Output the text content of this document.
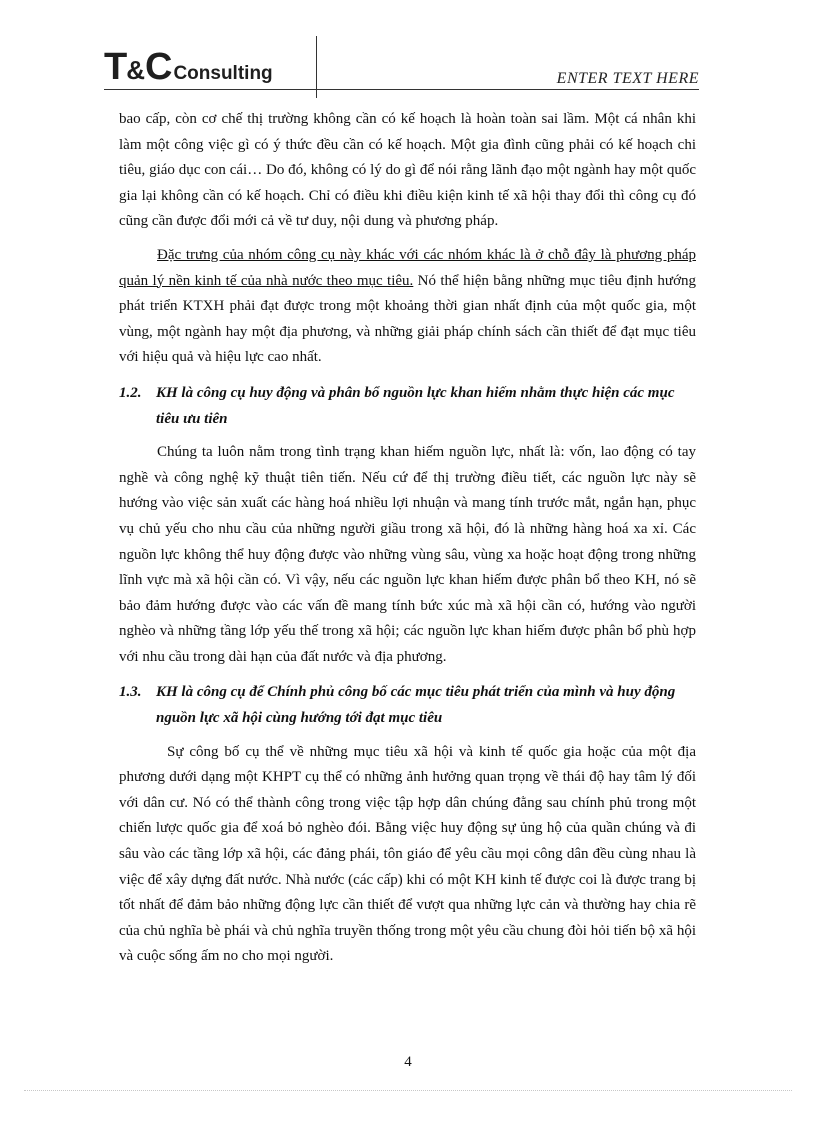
T&C Consulting	ENTER TEXT HERE

bao cấp, còn cơ chế thị trường không cần có kế hoạch là hoàn toàn sai lầm. Một cá nhân khi làm một công việc gì có ý thức đều cần có kế hoạch. Một gia đình cũng phải có kế hoạch chi tiêu, giáo dục con cái… Do đó, không có lý do gì để nói rằng lãnh đạo một ngành hay một quốc gia lại không cần có kế hoạch. Chỉ có điều khi điều kiện kinh tế xã hội thay đổi thì công cụ đó cũng cần được đổi mới cả về tư duy, nội dung và phương pháp.

Đặc trưng của nhóm công cụ này khác với các nhóm khác là ở chỗ đây là phương pháp quản lý nền kinh tế của nhà nước theo mục tiêu. Nó thể hiện bằng những mục tiêu định hướng phát triển KTXH phải đạt được trong một khoảng thời gian nhất định của một quốc gia, một vùng, một ngành hay một địa phương, và những giải pháp chính sách cần thiết để đạt mục tiêu với hiệu quả và hiệu lực cao nhất.

1.2. KH là công cụ huy động và phân bổ nguồn lực khan hiếm nhằm thực hiện các mục tiêu ưu tiên

Chúng ta luôn nằm trong tình trạng khan hiếm nguồn lực, nhất là: vốn, lao động có tay nghề và công nghệ kỹ thuật tiên tiến. Nếu cứ để thị trường điều tiết, các nguồn lực này sẽ hướng vào việc sản xuất các hàng hoá nhiều lợi nhuận và mang tính trước mắt, ngắn hạn, phục vụ chủ yếu cho nhu cầu của những người giầu trong xã hội, đó là những hàng hoá xa xỉ. Các nguồn lực không thể huy động được vào những vùng sâu, vùng xa hoặc hoạt động trong những lĩnh vực mà xã hội cần có. Vì vậy, nếu các nguồn lực khan hiếm được phân bổ theo KH, nó sẽ bảo đảm hướng được vào các vấn đề mang tính bức xúc mà xã hội cần có, hướng vào người nghèo và những tầng lớp yếu thế trong xã hội; các nguồn lực khan hiếm được phân bổ phù hợp với nhu cầu trong dài hạn của đất nước và địa phương.

1.3. KH là công cụ để Chính phủ công bố các mục tiêu phát triển của mình và huy động nguồn lực xã hội cùng hướng tới đạt mục tiêu

Sự công bố cụ thể về những mục tiêu xã hội và kinh tế quốc gia hoặc của một địa phương dưới dạng một KHPT cụ thể có những ảnh hưởng quan trọng về thái độ hay tâm lý đối với dân cư. Nó có thể thành công trong việc tập hợp dân chúng đằng sau chính phủ trong một chiến lược quốc gia để xoá bỏ nghèo đói. Bằng việc huy động sự ủng hộ của quần chúng và đi sâu vào các tầng lớp xã hội, các đảng phái, tôn giáo để yêu cầu mọi công dân đều cùng nhau là việc để xây dựng đất nước. Nhà nước (các cấp) khi có một KH kinh tế được coi là được trang bị tốt nhất để đảm bảo những động lực cần thiết để vượt qua những lực cản và thường hay chia rẽ của chủ nghĩa bè phái và chủ nghĩa truyền thống trong một yêu cầu chung đòi hỏi tiến bộ xã hội và cuộc sống ấm no cho mọi người.

4
